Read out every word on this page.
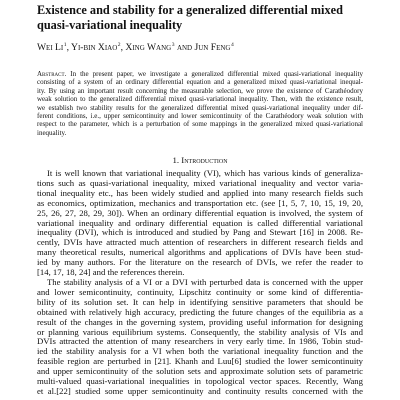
Existence and stability for a generalized differential mixed
quasi-variational inequality
Wei Li$^1$, Yi-bin Xiao$^2$, Xing Wang$^3$ and Jun Feng$^4$
Abstract. In the present paper, we investigate a generalized differential mixed quasi-variational inequality
consisting of a system of an ordinary differential equation and a generalized mixed quasi-variational inequal-
ity. By using an important result concerning the measurable selection, we prove the existence of Carathéodory
weak solution to the generalized differential mixed quasi-variational inequality. Then, with the existence result,
we establish two stability results for the generalized differential mixed quasi-variational inequality under dif-
ferent conditions, i.e., upper semicontinuity and lower semicontinuity of the Carathéodory weak solution with
respect to the parameter, which is a perturbation of some mappings in the generalized mixed quasi-variational
inequality.
1. Introduction
It is well known that variational inequality (VI), which has various kinds of generaliza-
tions such as quasi-variational inequality, mixed variational inequality and vector varia-
tional inequality etc., has been widely studied and applied into many research fields such
as economics, optimization, mechanics and transportation etc. (see [1, 5, 7, 10, 15, 19, 20,
25, 26, 27, 28, 29, 30]). When an ordinary differential equation is involved, the system of
variational inequality and ordinary differential equation is called differential variational
inequality (DVI), which is introduced and studied by Pang and Stewart [16] in 2008. Re-
cently, DVIs have attracted much attention of researchers in different research fields and
many theoretical results, numerical algorithms and applications of DVIs have been stud-
ied by many authors. For the literature on the research of DVIs, we refer the reader to
[14, 17, 18, 24] and the references therein.
The stability analysis of a VI or a DVI with perturbed data is concerned with the upper
and lower semicontinuity, continuity, Lipschitz continuity or some kind of differentia-
bility of its solution set. It can help in identifying sensitive parameters that should be
obtained with relatively high accuracy, predicting the future changes of the equilibria as a
result of the changes in the governing system, providing useful information for designing
or planning various equilibrium systems. Consequently, the stability analysis of VIs and
DVIs attracted the attention of many researchers in very early time. In 1986, Tobin stud-
ied the stability analysis for a VI when both the variational inequality function and the
feasible region are perturbed in [21]. Khanh and Luu[6] studied the lower semicontinuity
and upper semicontinuity of the solution sets and approximate solution sets of parametric
multi-valued quasi-variational inequalities in topological vector spaces. Recently, Wang
et al.[22] studied some upper semicontinuity and continuity results concerned with the
